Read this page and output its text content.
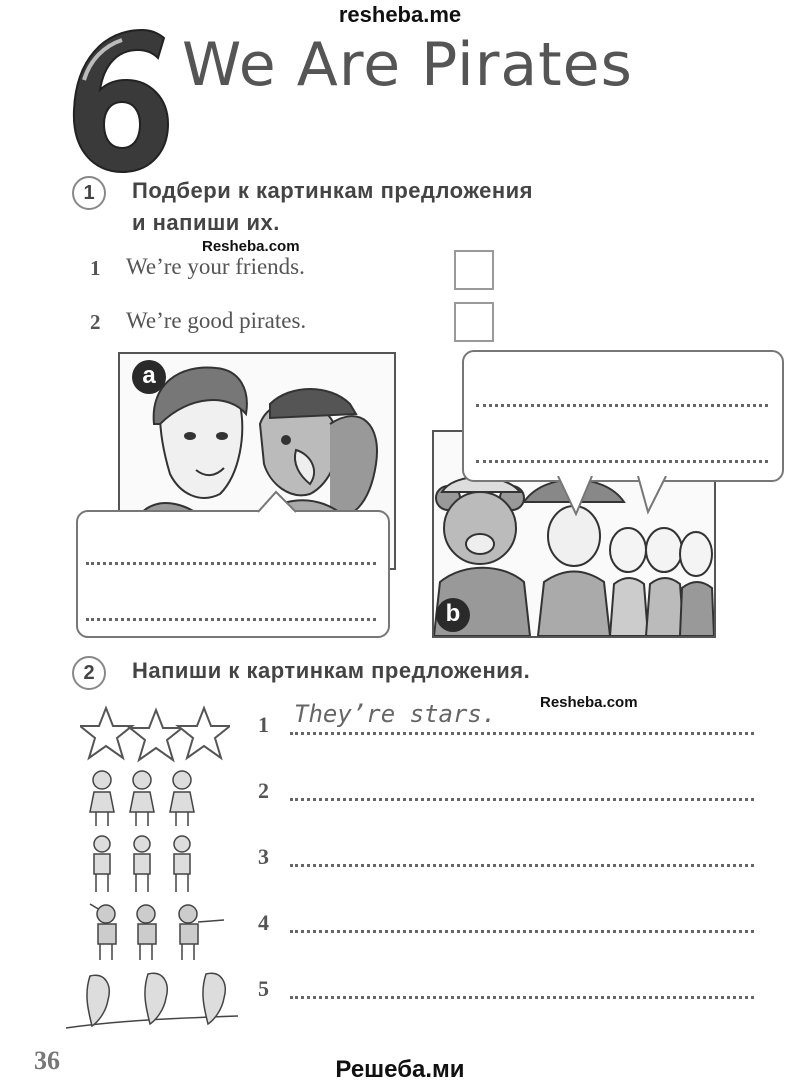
resheba.me
We Are Pirates
1	Подбери к картинкам предложения
и напиши их.
Resheba.com
1 We’re your friends.
2 We’re good pirates.
a
b
2	Напиши к картинкам предложения.
Resheba.com
1 They’re stars.
2
3
4
5
36	Решеба.ми
